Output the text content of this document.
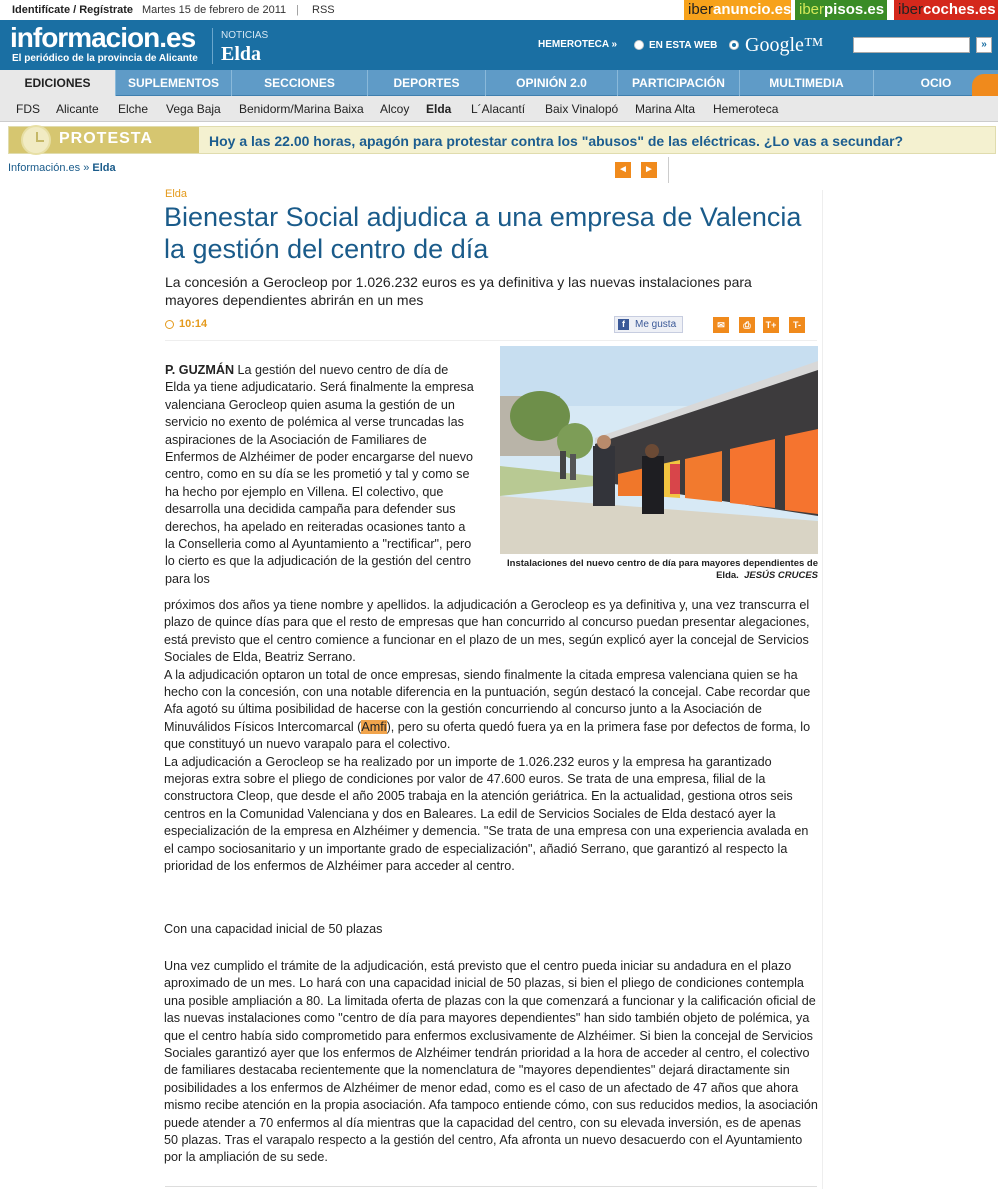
Identifícate / Regístrate Martes 15 de febrero de 2011 | RSS	iberanuncio.es iberpisos.es ibercoches.es
informacion.es
El periódico de la provincia de Alicante
NOTICIAS
Elda	HEMEROTECA »	EN ESTA WEB Google™	»
EDICIONES	SUPLEMENTOS	SECCIONES	DEPORTES	OPINIÓN 2.0	PARTICIPACIÓN	MULTIMEDIA	OCIO
FDS Alicante Elche Vega Baja Benidorm/Marina Baixa Alcoy Elda L´Alacantí Baix Vinalopó Marina Alta Hemeroteca
PROTESTA	Hoy a las 22.00 horas, apagón para protestar contra los "abusos" de las eléctricas. ¿Lo vas a secundar?
Información.es » Elda	◄	►
Elda
Bienestar Social adjudica a una empresa de Valencia la gestión del centro de día

La concesión a Gerocleop por 1.026.232 euros es ya definitiva y las nuevas instalaciones para mayores dependientes abrirán en un mes

10:14	f	Me gusta	✉	⎙	T+	T-

P. GUZMÁN La gestión del nuevo centro de día de Elda ya tiene adjudicatario. Será finalmente la empresa valenciana Gerocleop quien asuma la gestión de un servicio no exento de polémica al verse truncadas las aspiraciones de la Asociación de Familiares de Enfermos de Alzhéimer de poder encargarse del nuevo centro, como en su día se les prometió y tal y como se ha hecho por ejemplo en Villena. El colectivo, que desarrolla una decidida campaña para defender sus derechos, ha apelado en reiteradas ocasiones tanto a la Conselleria como al Ayuntamiento a "rectificar", pero lo cierto es que la adjudicación de la gestión del centro para los

Instalaciones del nuevo centro de día para mayores dependientes de Elda. JESÚS CRUCES

próximos dos años ya tiene nombre y apellidos. la adjudicación a Gerocleop es ya definitiva y, una vez transcurra el plazo de quince días para que el resto de empresas que han concurrido al concurso puedan presentar alegaciones, está previsto que el centro comience a funcionar en el plazo de un mes, según explicó ayer la concejal de Servicios Sociales de Elda, Beatriz Serrano.

A la adjudicación optaron un total de once empresas, siendo finalmente la citada empresa valenciana quien se ha hecho con la concesión, con una notable diferencia en la puntuación, según destacó la concejal. Cabe recordar que Afa agotó su última posibilidad de hacerse con la gestión concurriendo al concurso junto a la Asociación de Minuválidos Físicos Intercomarcal (Amfi), pero su oferta quedó fuera ya en la primera fase por defectos de forma, lo que constituyó un nuevo varapalo para el colectivo.

La adjudicación a Gerocleop se ha realizado por un importe de 1.026.232 euros y la empresa ha garantizado mejoras extra sobre el pliego de condiciones por valor de 47.600 euros. Se trata de una empresa, filial de la constructora Cleop, que desde el año 2005 trabaja en la atención geriátrica. En la actualidad, gestiona otros seis centros en la Comunidad Valenciana y dos en Baleares. La edil de Servicios Sociales de Elda destacó ayer la especialización de la empresa en Alzhéimer y demencia. "Se trata de una empresa con una experiencia avalada en el campo sociosanitario y un importante grado de especialización", añadió Serrano, que garantizó al respecto la prioridad de los enfermos de Alzhéimer para acceder al centro.

Con una capacidad inicial de 50 plazas

Una vez cumplido el trámite de la adjudicación, está previsto que el centro pueda iniciar su andadura en el plazo aproximado de un mes. Lo hará con una capacidad inicial de 50 plazas, si bien el pliego de condiciones contempla una posible ampliación a 80. La limitada oferta de plazas con la que comenzará a funcionar y la calificación oficial de las nuevas instalaciones como "centro de día para mayores dependientes" han sido también objeto de polémica, ya que el centro había sido comprometido para enfermos exclusivamente de Alzhéimer. Si bien la concejal de Servicios Sociales garantizó ayer que los enfermos de Alzhéimer tendrán prioridad a la hora de acceder al centro, el colectivo de familiares destacaba recientemente que la nomenclatura de "mayores dependientes" dejará diractamente sin posibilidades a los enfermos de Alzhéimer de menor edad, como es el caso de un afectado de 47 años que ahora mismo recibe atención en la propia asociación. Afa tampoco entiende cómo, con sus reducidos medios, la asociación puede atender a 70 enfermos al día mientras que la capacidad del centro, con su elevada inversión, es de apenas 50 plazas. Tras el varapalo respecto a la gestión del centro, Afa afronta un nuevo desacuerdo con el Ayuntamiento por la ampliación de su sede.
